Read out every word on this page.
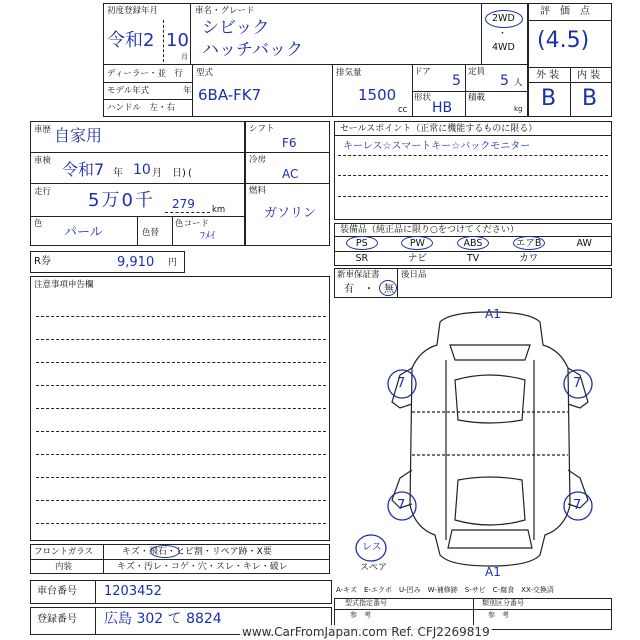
初度登録年月
令和2 10
月
車名・グレード
シビック
ハッチバック
2WD
・
4WD
ディーラー・並　行
モデル年式　　　　年
ハンドル　左・右
型式
6BA-FK7
排気量
1500
cc
ドア
5
形状
HB
定員
5 人
積載
kg
評　価　点
(4.5)
外 装 内 装
B B
車歴 自家用
車検 令和7 年 10 月　日) (
走行 5万0千 279 km
色
パール	色替
色コード
ﾌﾒｲ
シフト
F6
冷房
AC
燃料
ガソリン
セールスポイント（正常に機能するものに限る）
キーレス☆スマートキー☆バックモニター
装備品（純正品に限り○をつけてください）
PS	PW	ABS	エアB	AW
SR	ナビ	TV	カワ
新車保証書
有　・　無
後日品
R券	9,910 円
注意事項申告欄
フロントガラス	キズ・飛石・ヒビ割・リペア跡・X要
内装	キズ・汚レ・コゲ・穴・スレ・キレ・破レ
車台番号 1203452
登録番号 広島 302 て 8824
型式指定番号
参　考
類別区分番号
参　考
A-キズ　E-エクボ　U-凹み　W-補修跡　S-サビ　C-腐食　XX-交換済
A1
A1
7	7
7	7
レス
スペア
www.CarFromJapan.com Ref. CFJ2269819
